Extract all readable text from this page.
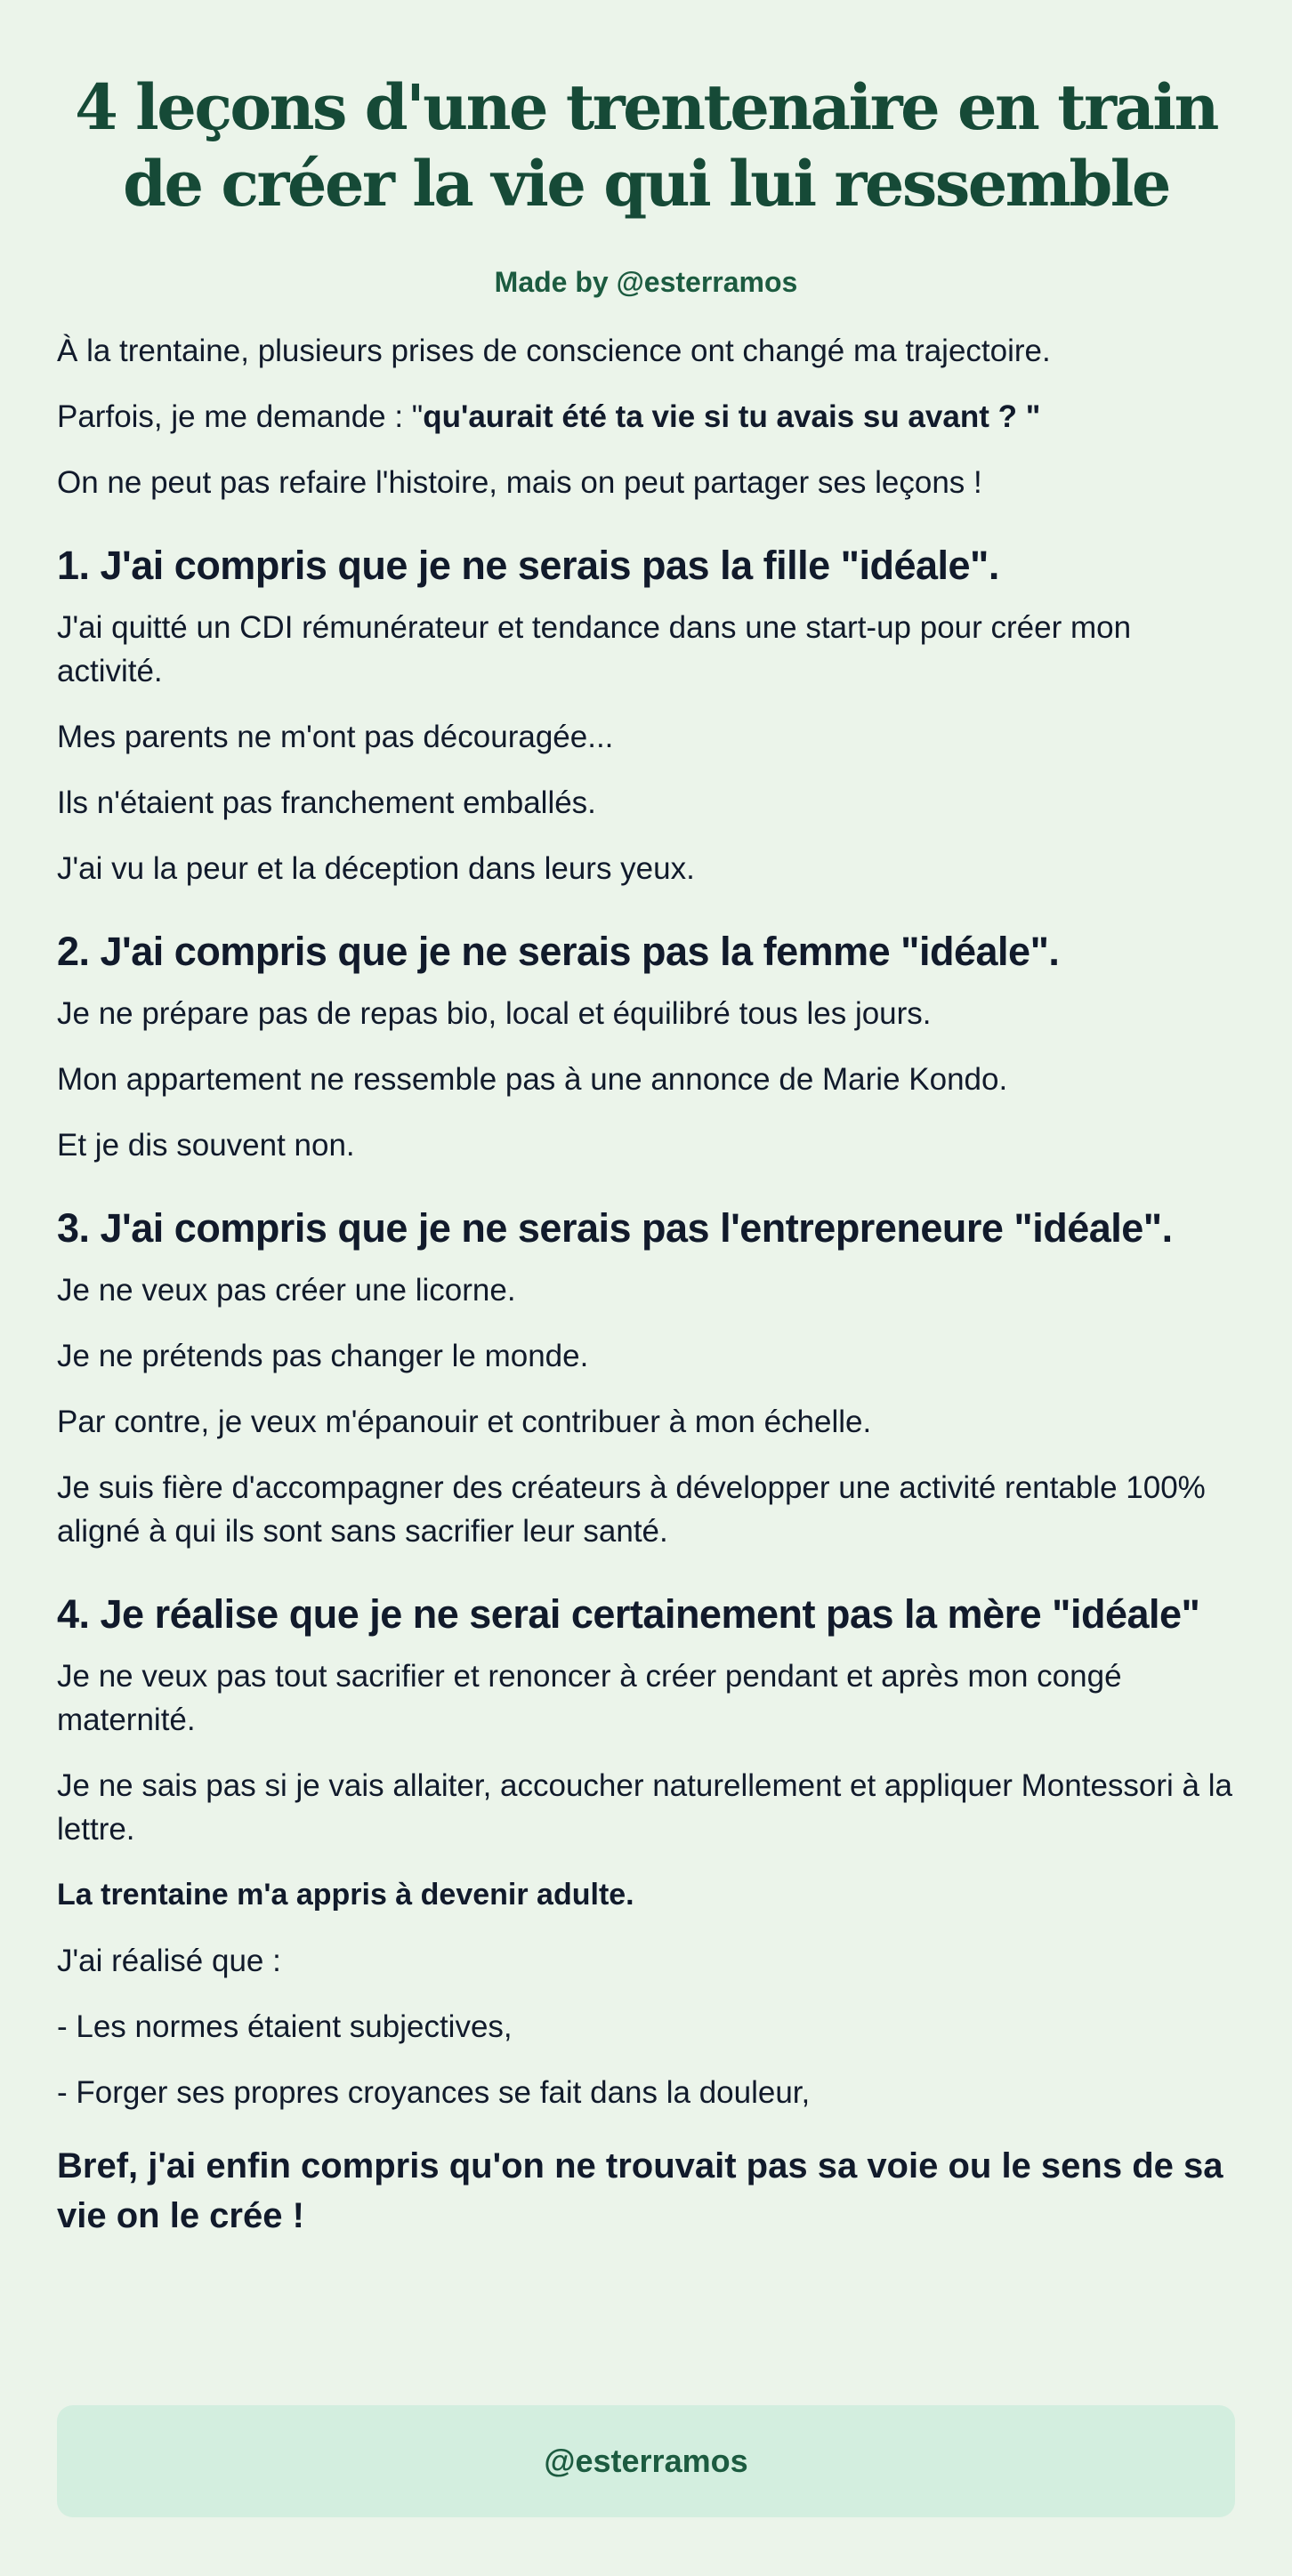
4 leçons d'une trentenaire en train de créer la vie qui lui ressemble
Made by @esterramos

À la trentaine, plusieurs prises de conscience ont changé ma trajectoire.

Parfois, je me demande : "qu'aurait été ta vie si tu avais su avant ? "

On ne peut pas refaire l'histoire, mais on peut partager ses leçons !

1. J'ai compris que je ne serais pas la fille "idéale".

J'ai quitté un CDI rémunérateur et tendance dans une start-up pour créer mon activité.

Mes parents ne m'ont pas découragée...

Ils n'étaient pas franchement emballés.

J'ai vu la peur et la déception dans leurs yeux.

2. J'ai compris que je ne serais pas la femme "idéale".

Je ne prépare pas de repas bio, local et équilibré tous les jours.

Mon appartement ne ressemble pas à une annonce de Marie Kondo.

Et je dis souvent non.

3. J'ai compris que je ne serais pas l'entrepreneure "idéale".

Je ne veux pas créer une licorne.

Je ne prétends pas changer le monde.

Par contre, je veux m'épanouir et contribuer à mon échelle.

Je suis fière d'accompagner des créateurs à développer une activité rentable 100% aligné à qui ils sont sans sacrifier leur santé.

4. Je réalise que je ne serai certainement pas la mère "idéale"

Je ne veux pas tout sacrifier et renoncer à créer pendant et après mon congé maternité.

Je ne sais pas si je vais allaiter, accoucher naturellement et appliquer Montessori à la lettre.

La trentaine m'a appris à devenir adulte.

J'ai réalisé que :

- Les normes étaient subjectives,

- Forger ses propres croyances se fait dans la douleur,

Bref, j'ai enfin compris qu'on ne trouvait pas sa voie ou le sens de sa vie on le crée !

@esterramos
